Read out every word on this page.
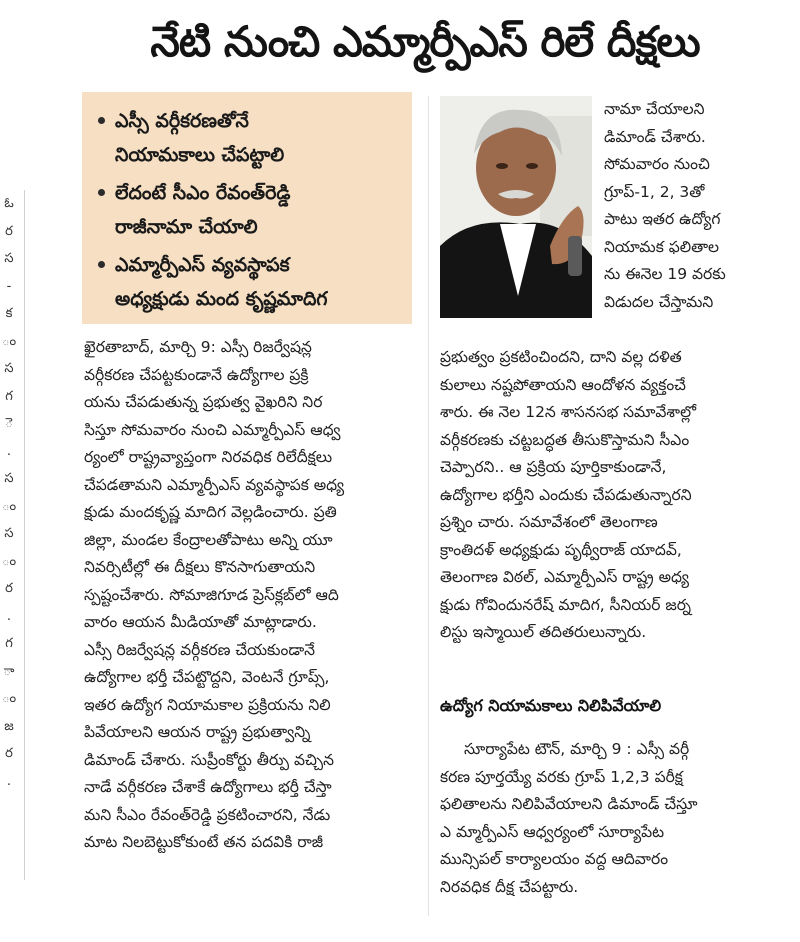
ఓ
ర
స
-
క
ం
స
గ
ె
.
స
ం
స
ం
ర
.
గ
ా
ం
జ
ర
.
నేటి నుంచి ఎమ్మార్పీఎస్ రిలే దీక్షలు
ఎస్సీ వర్గీకరణతోనే
నియామకాలు చేపట్టాలి
లేదంటే సీఎం రేవంత్‌రెడ్డి
రాజీనామా చేయాలి
ఎమ్మార్పీఎస్ వ్యవస్థాపక
అధ్యక్షుడు మంద కృష్ణమాదిగ
నామా చేయాలని
డిమాండ్ చేశారు.
సోమవారం నుంచి
గ్రూప్-1, 2, 3తో
పాటు ఇతర ఉద్యోగ
నియామక ఫలితాల
ను ఈనెల 19 వరకు
విడుదల చేస్తామని
ఖైరతాబాద్, మార్చి 9: ఎస్సీ రిజర్వేషన్ల
వర్గీకరణ చేపట్టకుండానే ఉద్యోగాల ప్రక్రి
యను చేపడుతున్న ప్రభుత్వ వైఖరిని నిర
సిస్తూ సోమవారం నుంచి ఎమ్మార్పీఎస్ ఆధ్వ
ర్యంలో రాష్ట్రవ్యాప్తంగా నిరవధిక రిలేదీక్షలు
చేపడతామని ఎమ్మార్పీఎస్ వ్యవస్థాపక అధ్య
క్షుడు మందకృష్ణ మాదిగ వెల్లడించారు. ప్రతి
జిల్లా, మండల కేంద్రాలతోపాటు అన్ని యూ
నివర్సిటీల్లో ఈ దీక్షలు కొనసాగుతాయని
స్పష్టంచేశారు. సోమాజిగూడ ప్రెస్‌క్లబ్‌లో ఆది
వారం ఆయన మీడియాతో మాట్లాడారు.
ఎస్సీ రిజర్వేషన్ల వర్గీకరణ చేయకుండానే
ఉద్యోగాల భర్తీ చేపట్టొద్దని, వెంటనే గ్రూప్స్,
ఇతర ఉద్యోగ నియామకాల ప్రక్రియను నిలి
పివేయాలని ఆయన రాష్ట్ర ప్రభుత్వాన్ని
డిమాండ్ చేశారు. సుప్రీంకోర్టు తీర్పు వచ్చిన
నాడే వర్గీకరణ చేశాకే ఉద్యోగాలు భర్తీ చేస్తా
మని సీఎం రేవంత్‌రెడ్డి ప్రకటించారని, నేడు
మాట నిలబెట్టుకోకుంటే తన పదవికి రాజీ
ప్రభుత్వం ప్రకటించిందని, దాని వల్ల దళిత
కులాలు నష్టపోతాయని ఆందోళన వ్యక్తంచే
శారు. ఈ నెల 12న శాసనసభ సమావేశాల్లో
వర్గీకరణకు చట్టబద్ధత తీసుకొస్తామని సీఎం
చెప్పారని.. ఆ ప్రక్రియ పూర్తికాకుండానే,
ఉద్యోగాల భర్తీని ఎందుకు చేపడుతున్నారని
ప్రశ్నిం చారు. సమావేశంలో తెలంగాణ
క్రాంతిదళ్ అధ్యక్షుడు పృథ్వీరాజ్ యాదవ్,
తెలంగాణ విఠల్, ఎమ్మార్పీఎస్ రాష్ట్ర అధ్య
క్షుడు గోవిందునరేష్ మాదిగ, సీనియర్ జర్న
లిస్టు ఇస్మాయిల్ తదితరులున్నారు.
ఉద్యోగ నియామకాలు నిలిపివేయాలి
సూర్యాపేట టౌన్, మార్చి 9 : ఎస్సీ వర్గీ
కరణ పూర్తయ్యే వరకు గ్రూప్ 1,2,3 పరీక్ష
ఫలితాలను నిలిపివేయాలని డిమాండ్ చేస్తూ
ఎ మ్మార్పీఎస్ ఆధ్వర్యంలో సూర్యాపేట
మున్సిపల్ కార్యాలయం వద్ద ఆదివారం
నిరవధిక దీక్ష చేపట్టారు.
